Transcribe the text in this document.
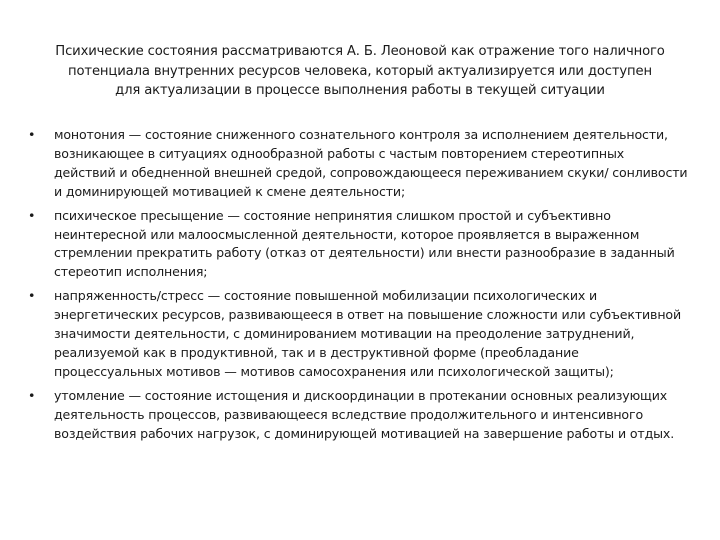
Психические состояния рассматриваются А. Б. Леоновой как отражение того наличного потенциала внутренних ресурсов человека, который актуализируется или доступен для актуализации в процессе выполнения работы в текущей ситуации

• монотония — состояние сниженного сознательного контроля за исполнением деятельности, возникающее в ситуациях однообразной работы с частым повторением стереотипных действий и обедненной внешней средой, сопровождающееся переживанием скуки/ сонливости и доминирующей мотивацией к смене деятельности;
• психическое пресыщение — состояние непринятия слишком простой и субъективно неинтересной или малоосмысленной деятельности, которое проявляется в выраженном стремлении прекратить работу (отказ от деятельности) или внести разнообразие в заданный стереотип исполнения;
• напряженность/стресс — состояние повышенной мобилизации психологических и энергетических ресурсов, развивающееся в ответ на повышение сложности или субъективной значимости деятельности, с доминированием мотивации на преодоление затруднений, реализуемой как в продуктивной, так и в деструктивной форме (преобладание процессуальных мотивов — мотивов самосохранения или психологической защиты);
• утомление — состояние истощения и дискоординации в протекании основных реализующих деятельность процессов, развивающееся вследствие продолжительного и интенсивного воздействия рабочих нагрузок, с доминирующей мотивацией на завершение работы и отдых.
